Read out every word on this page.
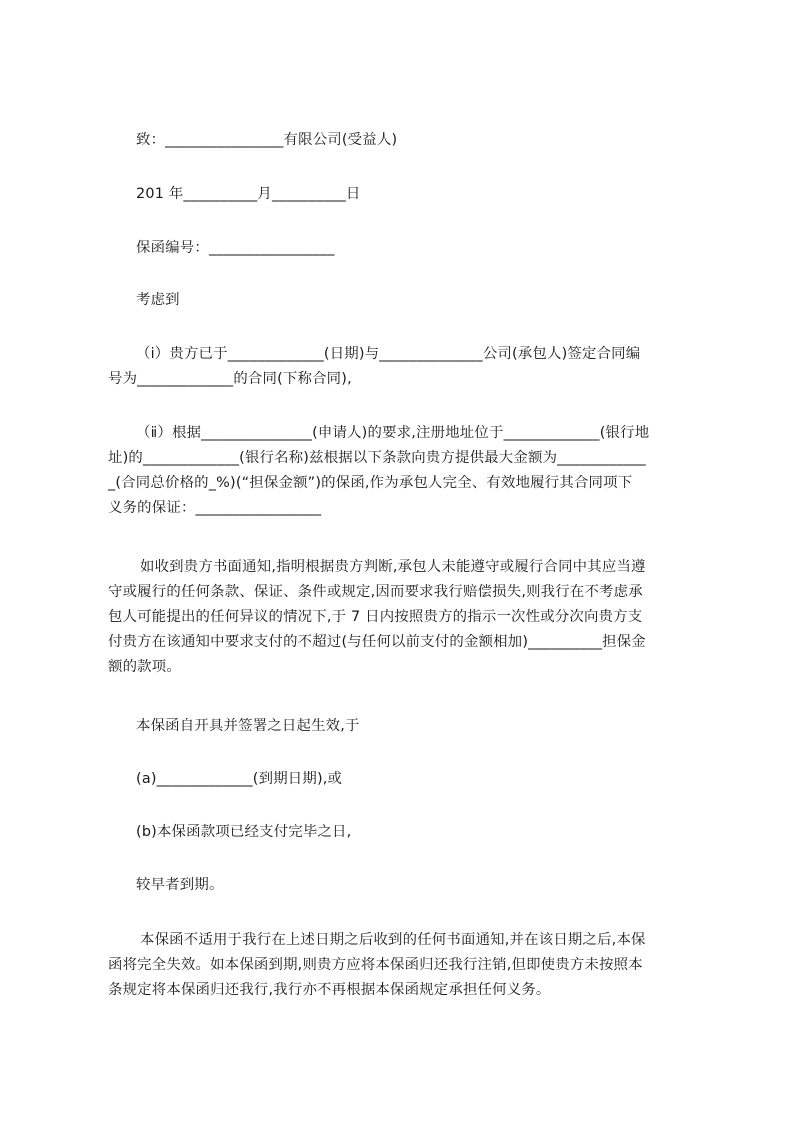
致：________________有限公司(受益人)
201 年__________月__________日
保函编号：_________________
考虑到
（ⅰ）贵方已于_____________(日期)与______________公司(承包人)签定合同编
号为_____________的合同(下称合同),
（ⅱ）根据_______________(申请人)的要求,注册地址位于_____________(银行地
址)的_____________(银行名称)兹根据以下条款向贵方提供最大金额为____________
_(合同总价格的_%)(“担保金额”)的保函,作为承包人完全、有效地履行其合同项下
义务的保证：_________________
如收到贵方书面通知,指明根据贵方判断,承包人未能遵守或履行合同中其应当遵
守或履行的任何条款、保证、条件或规定,因而要求我行赔偿损失,则我行在不考虑承
包人可能提出的任何异议的情况下,于 7 日内按照贵方的指示一次性或分次向贵方支
付贵方在该通知中要求支付的不超过(与任何以前支付的金额相加)__________担保金
额的款项。
本保函自开具并签署之日起生效,于
(a)_____________(到期日期),或
(b)本保函款项已经支付完毕之日,
较早者到期。
本保函不适用于我行在上述日期之后收到的任何书面通知,并在该日期之后,本保
函将完全失效。如本保函到期,则贵方应将本保函归还我行注销,但即使贵方未按照本
条规定将本保函归还我行,我行亦不再根据本保函规定承担任何义务。
